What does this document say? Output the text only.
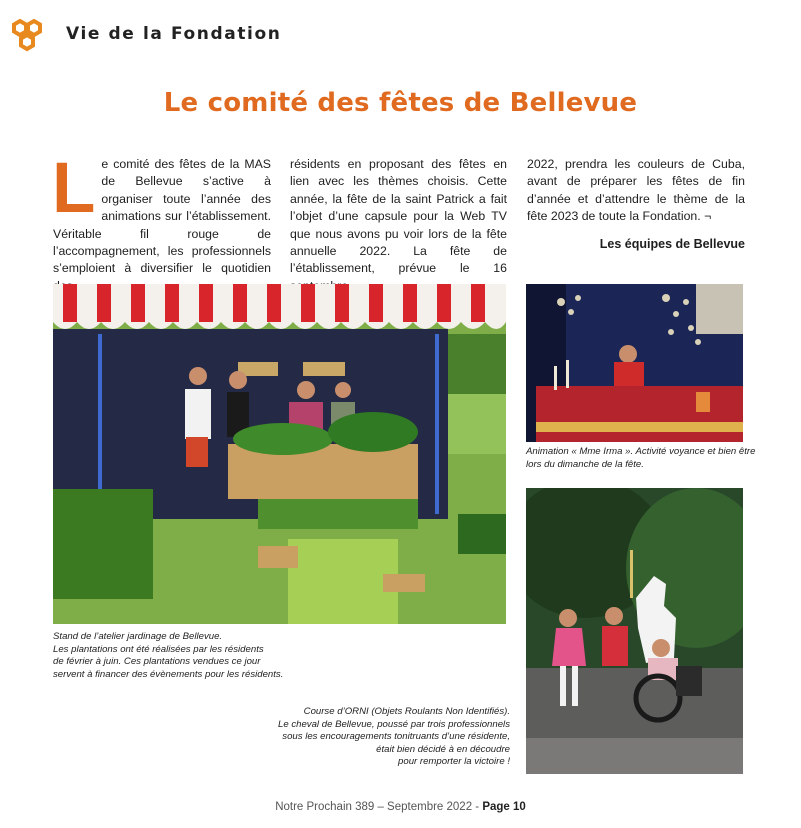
Vie de la Fondation
Le comité des fêtes de Bellevue
L e comité des fêtes de la MAS de Bellevue s’active à organiser toute l’année des animations sur l’établissement. Véritable fil rouge de l’accompagnement, les professionnels s’emploient à diversifier le quotidien
résidents en proposant des fêtes en lien avec les thèmes choisis. Cette année, la fête de la saint Patrick a fait l’objet d’une capsule pour la Web TV que nous avons pu voir lors de la fête annuelle 2022. La fête de l’établissement, prévue le 16
2022, prendra les couleurs de Cuba, avant de préparer les fêtes de fin d’année et d’attendre le thème de la fête 2023 de toute la Fondation. ¬
Les équipes de Bellevue
Stand de l’atelier jardinage de Bellevue.
Les plantations ont été réalisées par les résidents
de février à juin. Ces plantations vendues ce jour
servent à financer des évènements pour les résidents.
Animation « Mme Irma ». Activité voyance et bien être
lors du dimanche de la fête.
Course d’ORNI (Objets Roulants Non Identifiés).
Le cheval de Bellevue, poussé par trois professionnels
sous les encouragements tonitruants d’une résidente,
était bien décidé à en découdre
pour remporter la victoire !
Notre Prochain 389 – Septembre 2022 - Page 10
